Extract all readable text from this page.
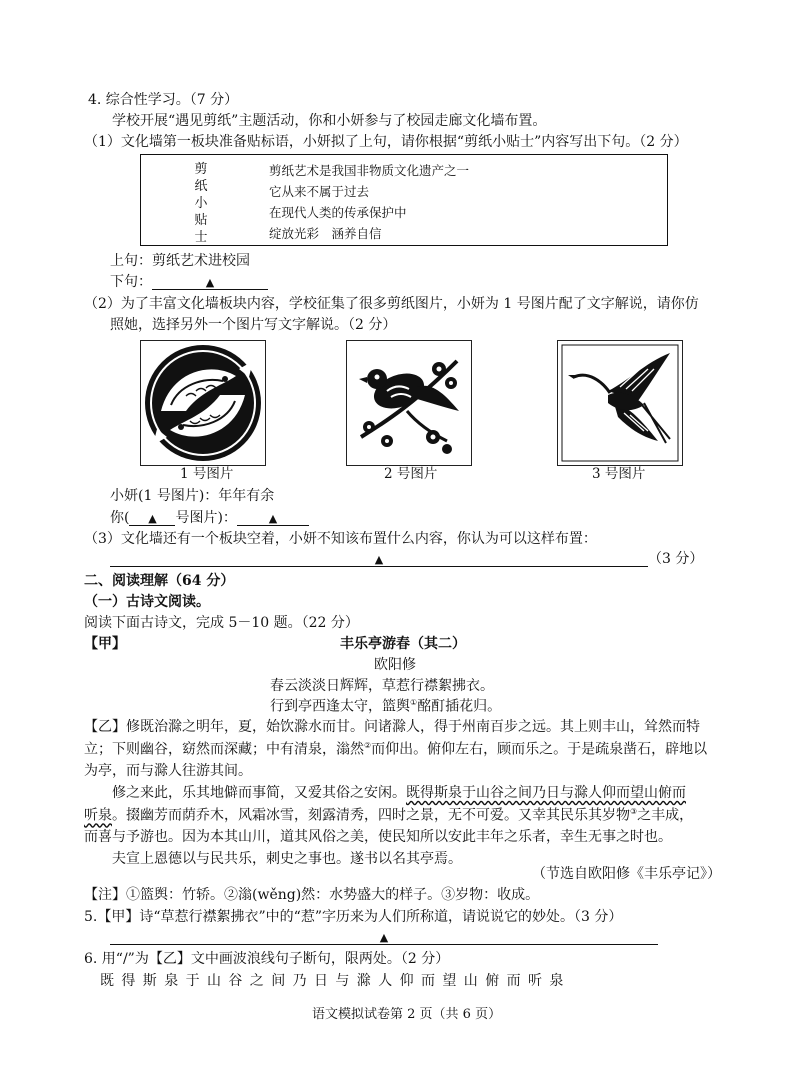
4. 综合性学习。（7 分）
学校开展“遇见剪纸”主题活动，你和小妍参与了校园走廊文化墙布置。
（1）文化墙第一板块准备贴标语，小妍拟了上句，请你根据“剪纸小贴士”内容写出下句。（2 分）
剪
纸
小
贴
士
剪纸艺术是我国非物质文化遗产之一
它从来不属于过去
在现代人类的传承保护中
绽放光彩　涵养自信
上句：剪纸艺术进校园
下句：	▲
（2）为了丰富文化墙板块内容，学校征集了很多剪纸图片，小妍为 1 号图片配了文字解说，请你仿
照她，选择另外一个图片写文字解说。（2 分）
1 号图片	2 号图片	3 号图片
小妍(1 号图片)：年年有余
你( ▲ 号图片)：	▲
（3）文化墙还有一个板块空着，小妍不知该布置什么内容，你认为可以这样布置：
▲	（3 分）
二、阅读理解（64 分）
（一）古诗文阅读。
阅读下面古诗文，完成 5－10 题。（22 分）
【甲】	丰乐亭游春（其二）
欧阳修
春云淡淡日辉辉，草惹行襟絮拂衣。
行到亭西逢太守，篮舆①酩酊插花归。
【乙】修既治滁之明年，夏，始饮滁水而甘。问诸滁人，得于州南百步之远。其上则丰山，耸然而特
立；下则幽谷，窈然而深藏；中有清泉，滃然②而仰出。俯仰左右，顾而乐之。于是疏泉凿石，辟地以
为亭，而与滁人往游其间。
修之来此，乐其地僻而事简，又爱其俗之安闲。既得斯泉于山谷之间乃日与滁人仰而望山俯而
听泉。掇幽芳而荫乔木，风霜冰雪，刻露清秀，四时之景，无不可爱。又幸其民乐其岁物③之丰成，
而喜与予游也。因为本其山川，道其风俗之美，使民知所以安此丰年之乐者，幸生无事之时也。
夫宣上恩德以与民共乐，刺史之事也。遂书以名其亭焉。
（节选自欧阳修《丰乐亭记》）
【注】①篮舆：竹轿。②滃(wěng)然：水势盛大的样子。③岁物：收成。
5.【甲】诗“草惹行襟絮拂衣”中的“惹”字历来为人们所称道，请说说它的妙处。（3 分）
▲
6. 用“/”为【乙】文中画波浪线句子断句，限两处。（2 分）
既得斯泉于山谷之间乃日与滁人仰而望山俯而听泉
语文模拟试卷第 2 页（共 6 页）
